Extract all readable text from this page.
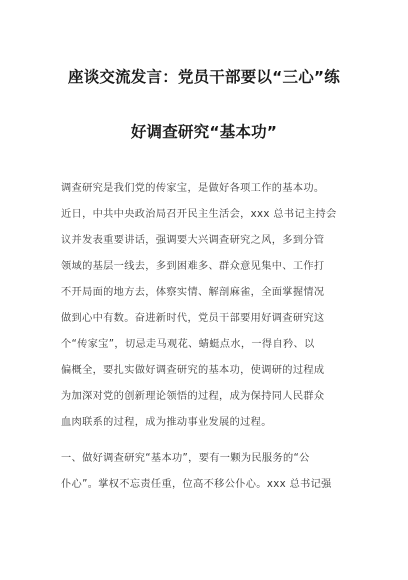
座谈交流发言：党员干部要以“三心”练
好调查研究“基本功”
调查研究是我们党的传家宝，是做好各项工作的基本功。
近日，中共中央政治局召开民主生活会，xxx 总书记主持会
议并发表重要讲话，强调要大兴调查研究之风，多到分管
领域的基层一线去，多到困难多、群众意见集中、工作打
不开局面的地方去，体察实情、解剖麻雀，全面掌握情况
做到心中有数。奋进新时代，党员干部要用好调查研究这
个“传家宝”，切忌走马观花、蜻蜓点水，一得自矜、以
偏概全，要扎实做好调查研究的基本功，使调研的过程成
为加深对党的创新理论领悟的过程，成为保持同人民群众
血肉联系的过程，成为推动事业发展的过程。
一、做好调查研究“基本功”，要有一颗为民服务的“公
仆心”。掌权不忘责任重，位高不移公仆心。xxx 总书记强
